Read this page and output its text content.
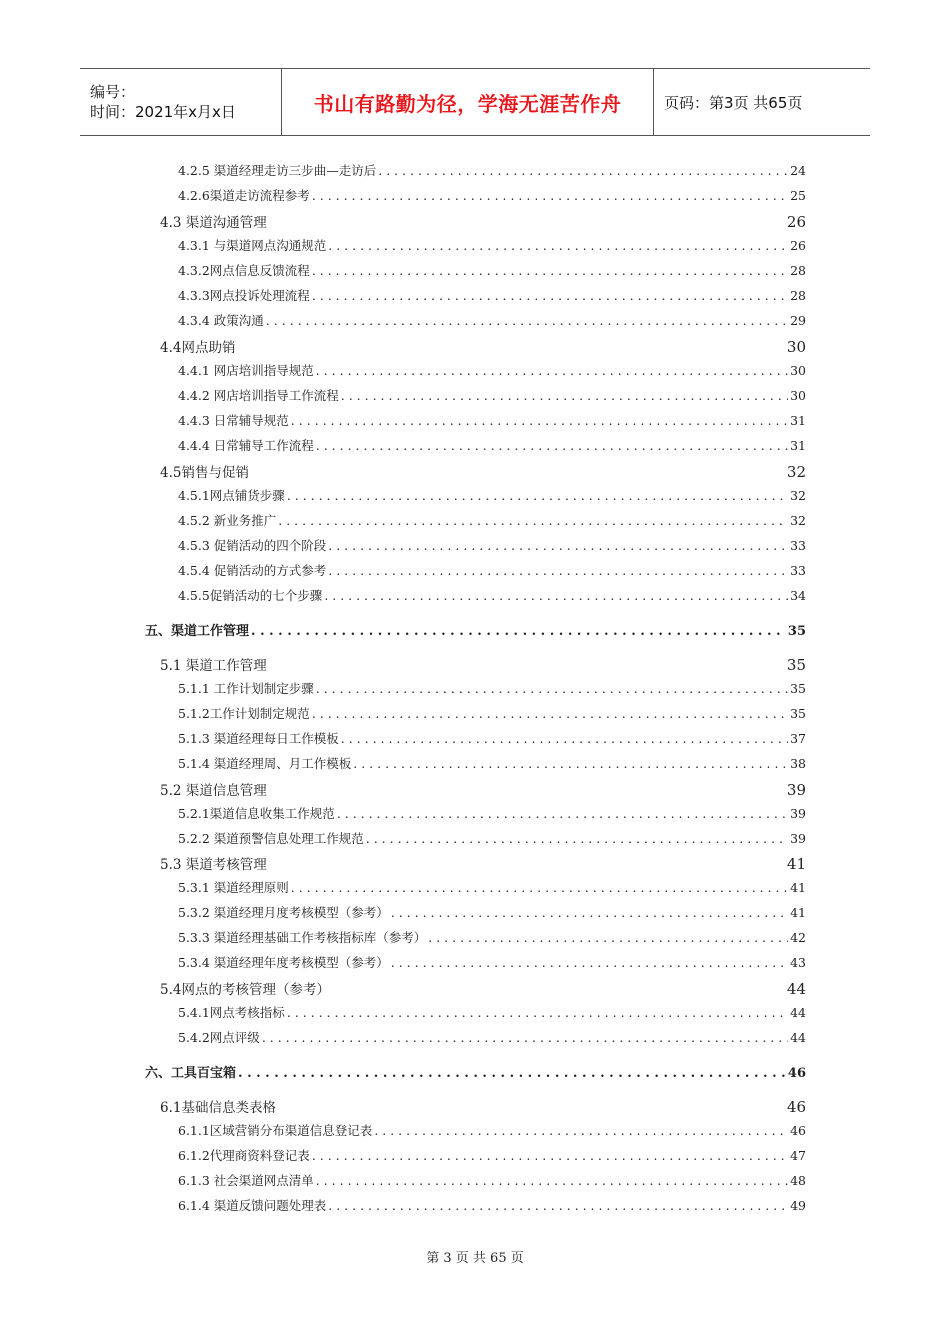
编号：
时间：2021年x月x日	书山有路勤为径，学海无涯苦作舟	页码：第3页 共65页
4.2.5 渠道经理走访三步曲—走访后 . . .	24
4.2.6渠道走访流程参考 . . .	25
4.3 渠道沟通管理	26
4.3.1 与渠道网点沟通规范 . . .	26
4.3.2网点信息反馈流程 . . .	28
4.3.3网点投诉处理流程 . . .	28
4.3.4 政策沟通 . . .	29
4.4网点助销	30
4.4.1 网店培训指导规范 . . .	30
4.4.2 网店培训指导工作流程 . . .	30
4.4.3 日常辅导规范 . . .	31
4.4.4 日常辅导工作流程 . . .	31
4.5销售与促销	32
4.5.1网点铺货步骤 . . .	32
4.5.2 新业务推广 . . .	32
4.5.3 促销活动的四个阶段 . . .	33
4.5.4 促销活动的方式参考 . . .	33
4.5.5促销活动的七个步骤 . . .	34
五、渠道工作管理 . . .	35
5.1 渠道工作管理	35
5.1.1 工作计划制定步骤 . . .	35
5.1.2工作计划制定规范 . . .	35
5.1.3 渠道经理每日工作模板 . . .	37
5.1.4 渠道经理周、月工作模板 . . .	38
5.2 渠道信息管理	39
5.2.1渠道信息收集工作规范 . . .	39
5.2.2 渠道预警信息处理工作规范 . . .	39
5.3 渠道考核管理	41
5.3.1 渠道经理原则 . . .	41
5.3.2 渠道经理月度考核模型（参考） . . .	41
5.3.3 渠道经理基础工作考核指标库（参考） . . .	42
5.3.4 渠道经理年度考核模型（参考） . . .	43
5.4网点的考核管理（参考）	44
5.4.1网点考核指标 . . .	44
5.4.2网点评级 . . .	44
六、工具百宝箱 . . .	46
6.1基础信息类表格	46
6.1.1区域营销分布渠道信息登记表 . . .	46
6.1.2代理商资料登记表 . . .	47
6.1.3 社会渠道网点清单 . . .	48
6.1.4 渠道反馈问题处理表 . . .	49
第 3 页 共 65 页
